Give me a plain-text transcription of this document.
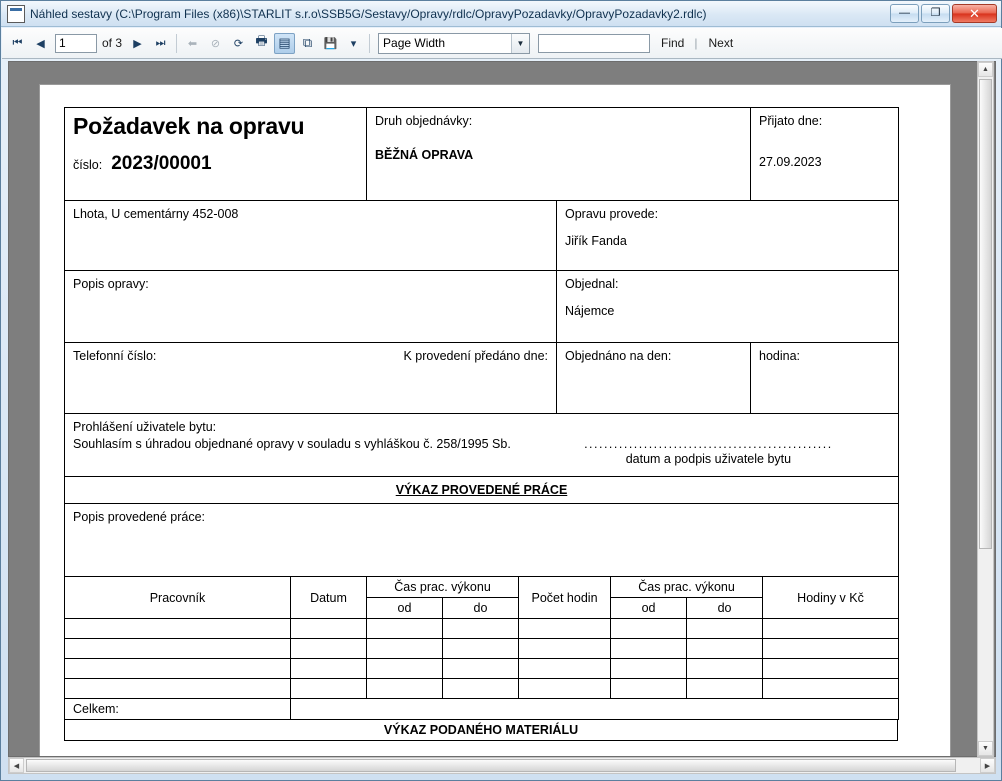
Náhled sestavy (C:\Program Files (x86)\STARLIT s.r.o\SSB5G/Sestavy/Opravy/rdlc/OpravyPozadavky/OpravyPozadavky2.rdlc)	—	❐	✕
⏮ ◀
1	of 3 ▶ ⏭ ⬅ ⊘ ⟳ 🖶 ▤ ⧉ 💾 ▾ Page Width	▼	Find | Next
Požadavek na opravu
číslo: 2023/00001

Druh objednávky:
BĚŽNÁ OPRAVA

Přijato dne:
27.09.2023

Lhota, U cementárny 452-008		Opravu provede:
Jiřík Fanda	

Popis opravy:		Objednal:
Nájemce	

Telefonní číslo: K provedení předáno dne:		Objednáno na den:	hodina:

Prohlášení uživatele bytu:
Souhlasím s úhradou objednané opravy v souladu s vyhláškou č. 258/1995 Sb. ..................................................
datum a podpis uživatele bytu			

VÝKAZ PROVEDENÉ PRÁCE			

Popis provedené práce:			
Pracovník	Datum	Čas prac. výkonu		Počet hodin	Čas prac. výkonu		Hodiny v Kč
		od	do		od	do	

Celkem:							
VÝKAZ PODANÉHO MATERIÁLU
▲
▼
◀	▶
